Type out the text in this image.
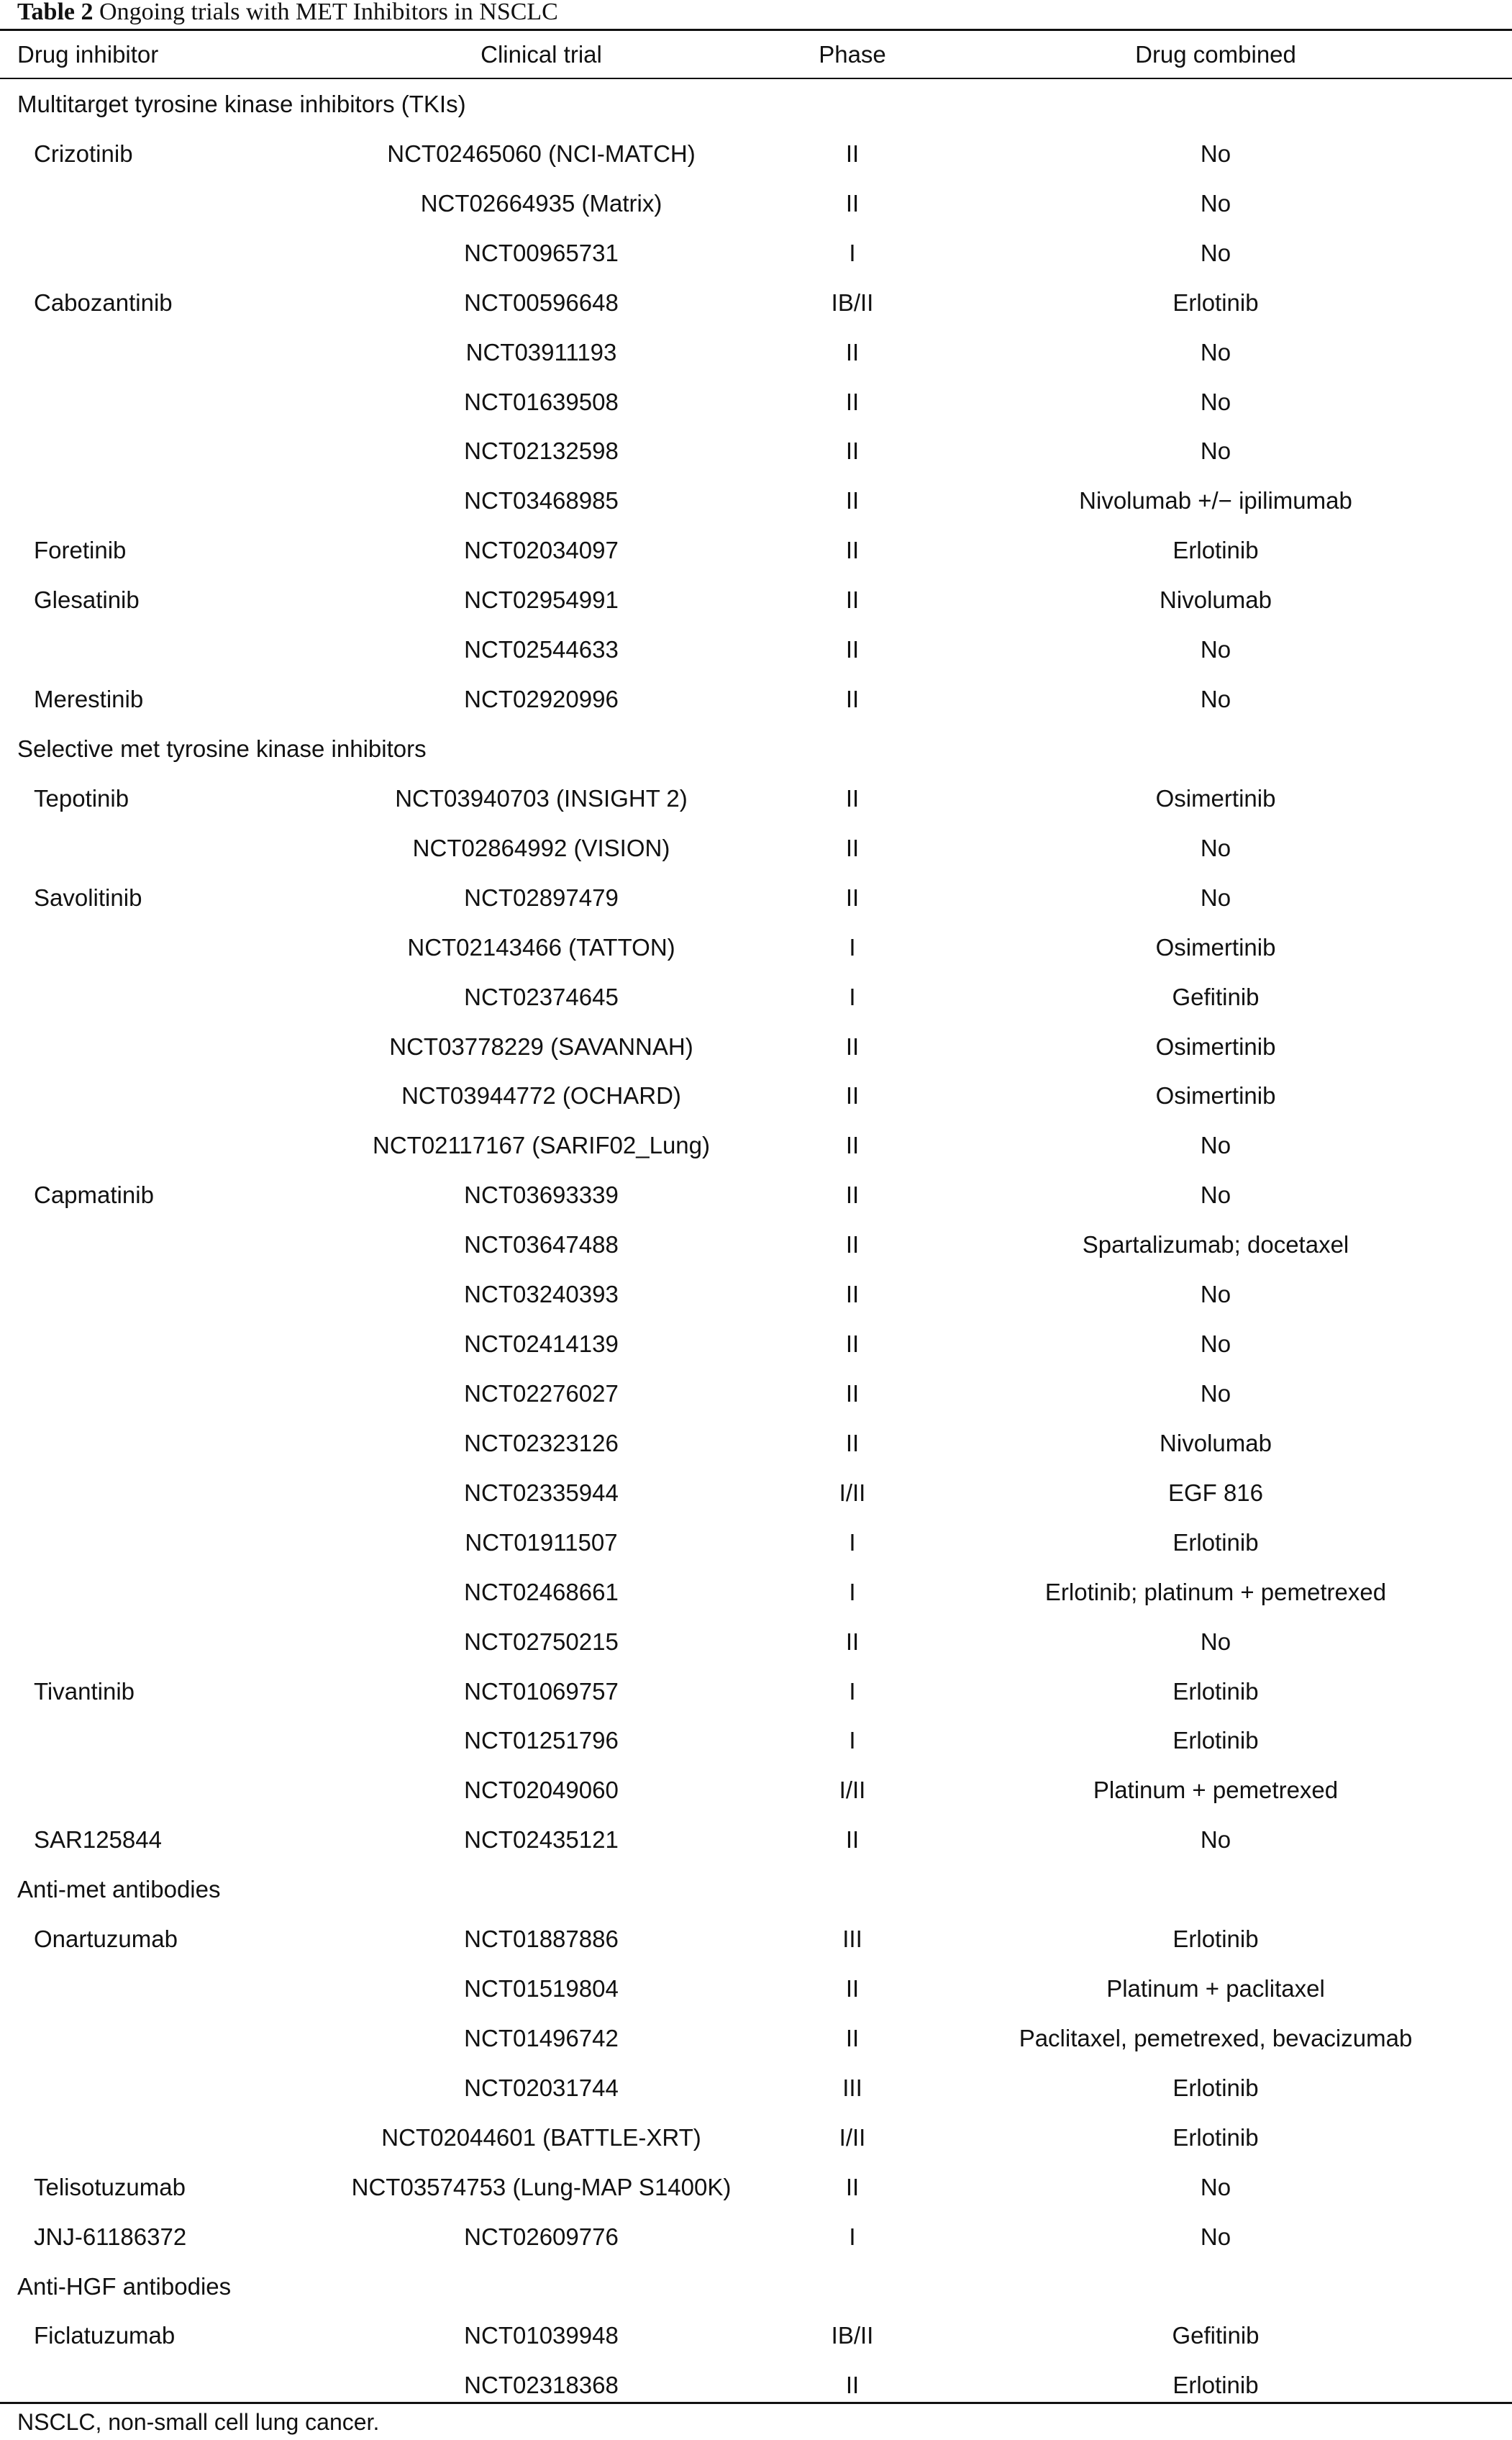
Table 2 Ongoing trials with MET Inhibitors in NSCLC
Drug inhibitor	Clinical trial	Phase	Drug combined
Multitarget tyrosine kinase inhibitors (TKIs)
Crizotinib	NCT02465060 (NCI-MATCH)	II	No
NCT02664935 (Matrix)	II	No
NCT00965731	I	No
Cabozantinib	NCT00596648	IB/II	Erlotinib
NCT03911193	II	No
NCT01639508	II	No
NCT02132598	II	No
NCT03468985	II	Nivolumab +/− ipilimumab
Foretinib	NCT02034097	II	Erlotinib
Glesatinib	NCT02954991	II	Nivolumab
NCT02544633	II	No
Merestinib	NCT02920996	II	No
Selective met tyrosine kinase inhibitors
Tepotinib	NCT03940703 (INSIGHT 2)	II	Osimertinib
NCT02864992 (VISION)	II	No
Savolitinib	NCT02897479	II	No
NCT02143466 (TATTON)	I	Osimertinib
NCT02374645	I	Gefitinib
NCT03778229 (SAVANNAH)	II	Osimertinib
NCT03944772 (OCHARD)	II	Osimertinib
NCT02117167 (SARIF02_Lung)	II	No
Capmatinib	NCT03693339	II	No
NCT03647488	II	Spartalizumab; docetaxel
NCT03240393	II	No
NCT02414139	II	No
NCT02276027	II	No
NCT02323126	II	Nivolumab
NCT02335944	I/II	EGF 816
NCT01911507	I	Erlotinib
NCT02468661	I	Erlotinib; platinum + pemetrexed
NCT02750215	II	No
Tivantinib	NCT01069757	I	Erlotinib
NCT01251796	I	Erlotinib
NCT02049060	I/II	Platinum + pemetrexed
SAR125844	NCT02435121	II	No
Anti-met antibodies
Onartuzumab	NCT01887886	III	Erlotinib
NCT01519804	II	Platinum + paclitaxel
NCT01496742	II	Paclitaxel, pemetrexed, bevacizumab
NCT02031744	III	Erlotinib
NCT02044601 (BATTLE-XRT)	I/II	Erlotinib
Telisotuzumab	NCT03574753 (Lung-MAP S1400K)	II	No
JNJ-61186372	NCT02609776	I	No
Anti-HGF antibodies
Ficlatuzumab	NCT01039948	IB/II	Gefitinib
NCT02318368	II	Erlotinib
NSCLC, non-small cell lung cancer.
